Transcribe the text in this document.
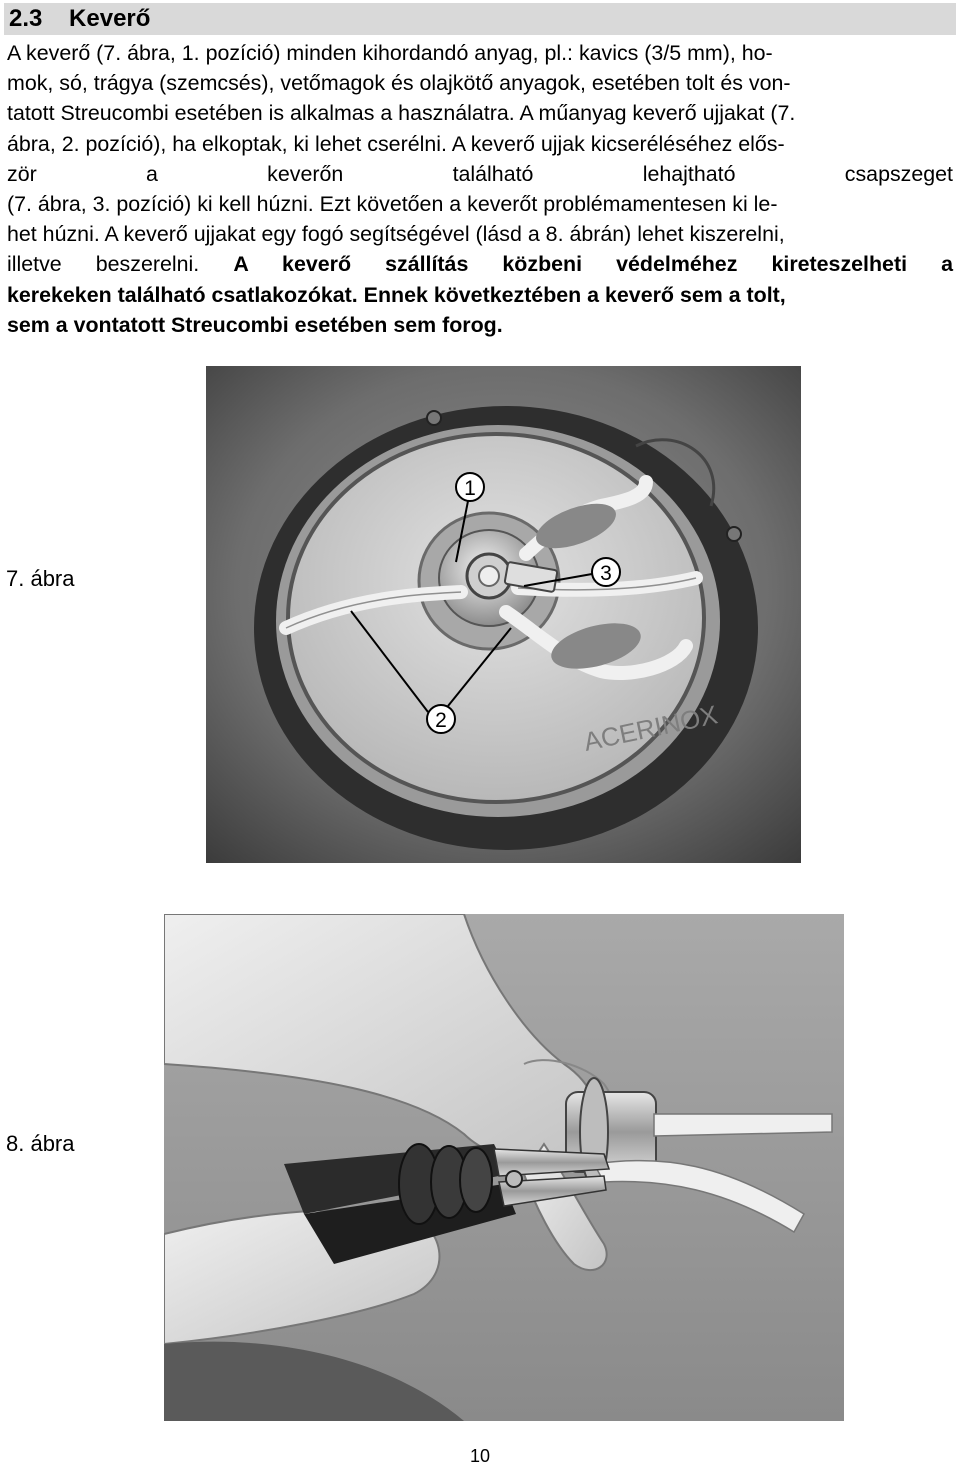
2.3 Keverő
A keverő (7. ábra, 1. pozíció) minden kihordandó anyag, pl.: kavics (3/5 mm), ho-
mok, só, trágya (szemcsés), vetőmagok és olajkötő anyagok, esetében tolt és von-
tatott Streucombi esetében is alkalmas a használatra. A műanyag keverő ujjakat (7.
ábra, 2. pozíció), ha elkoptak, ki lehet cserélni. A keverő ujjak kicseréléséhez elős-
zör a keverőn található lehajtható csapszeget
(7. ábra, 3. pozíció) ki kell húzni. Ezt követően a keverőt problémamentesen ki le-
het húzni. A keverő ujjakat egy fogó segítségével (lásd a 8. ábrán) lehet kiszerelni,
illetve beszerelni. A keverő szállítás közbeni védelméhez kireteszelheti a
kerekeken található csatlakozókat. Ennek következtében a keverő sem a tolt,
sem a vontatott Streucombi esetében sem forog.

7. ábra

ACERINOX
1
3
2

8. ábra

10
